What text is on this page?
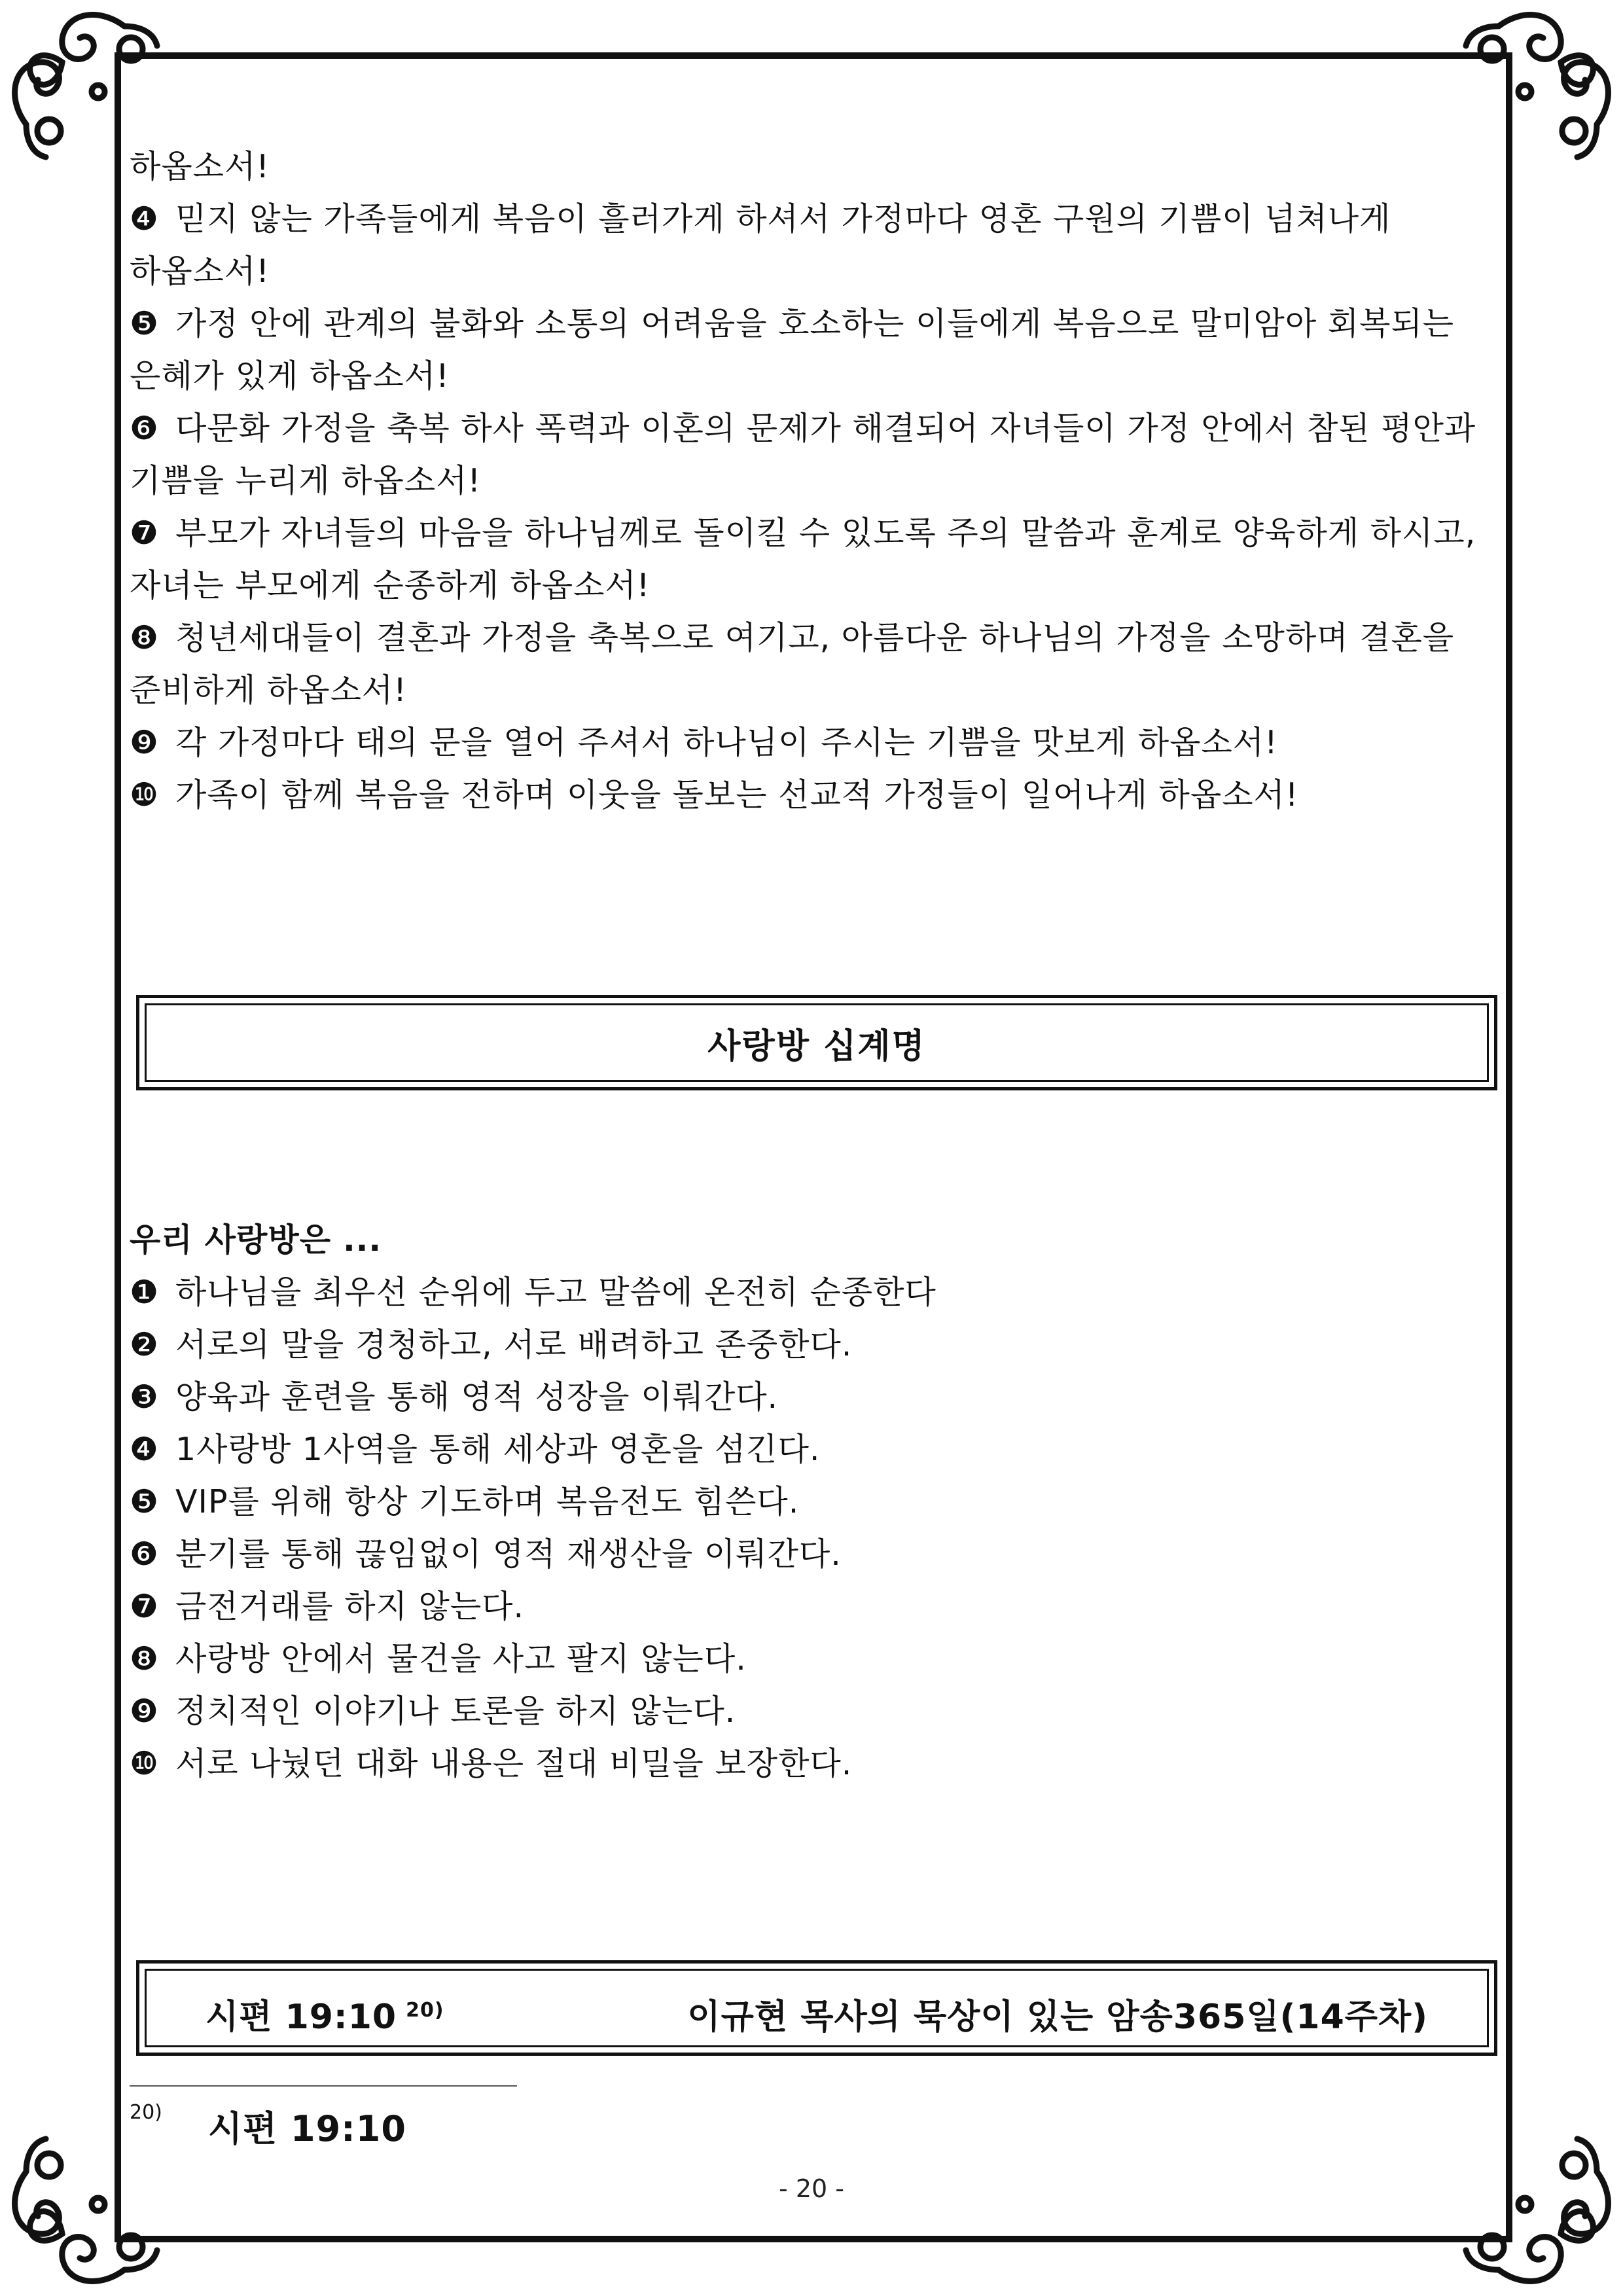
하옵소서!
❹ 믿지 않는 가족들에게 복음이 흘러가게 하셔서 가정마다 영혼 구원의 기쁨이 넘쳐나게
하옵소서!
❺ 가정 안에 관계의 불화와 소통의 어려움을 호소하는 이들에게 복음으로 말미암아 회복되는
은혜가 있게 하옵소서!
❻ 다문화 가정을 축복 하사 폭력과 이혼의 문제가 해결되어 자녀들이 가정 안에서 참된 평안과
기쁨을 누리게 하옵소서!
❼ 부모가 자녀들의 마음을 하나님께로 돌이킬 수 있도록 주의 말씀과 훈계로 양육하게 하시고,
자녀는 부모에게 순종하게 하옵소서!
❽ 청년세대들이 결혼과 가정을 축복으로 여기고, 아름다운 하나님의 가정을 소망하며 결혼을
준비하게 하옵소서!
❾ 각 가정마다 태의 문을 열어 주셔서 하나님이 주시는 기쁨을 맛보게 하옵소서!
❿ 가족이 함께 복음을 전하며 이웃을 돌보는 선교적 가정들이 일어나게 하옵소서!
사랑방 십계명
우리 사랑방은 ...
❶ 하나님을 최우선 순위에 두고 말씀에 온전히 순종한다
❷ 서로의 말을 경청하고, 서로 배려하고 존중한다.
❸ 양육과 훈련을 통해 영적 성장을 이뤄간다.
❹ 1사랑방 1사역을 통해 세상과 영혼을 섬긴다.
❺ VIP를 위해 항상 기도하며 복음전도 힘쓴다.
❻ 분기를 통해 끊임없이 영적 재생산을 이뤄간다.
❼ 금전거래를 하지 않는다.
❽ 사랑방 안에서 물건을 사고 팔지 않는다.
❾ 정치적인 이야기나 토론을 하지 않는다.
❿ 서로 나눴던 대화 내용은 절대 비밀을 보장한다.
시편 19:10 $^{20)}$	이규현 목사의 묵상이 있는 암송365일(14주차)
20) 시편 19:10
- 20 -
